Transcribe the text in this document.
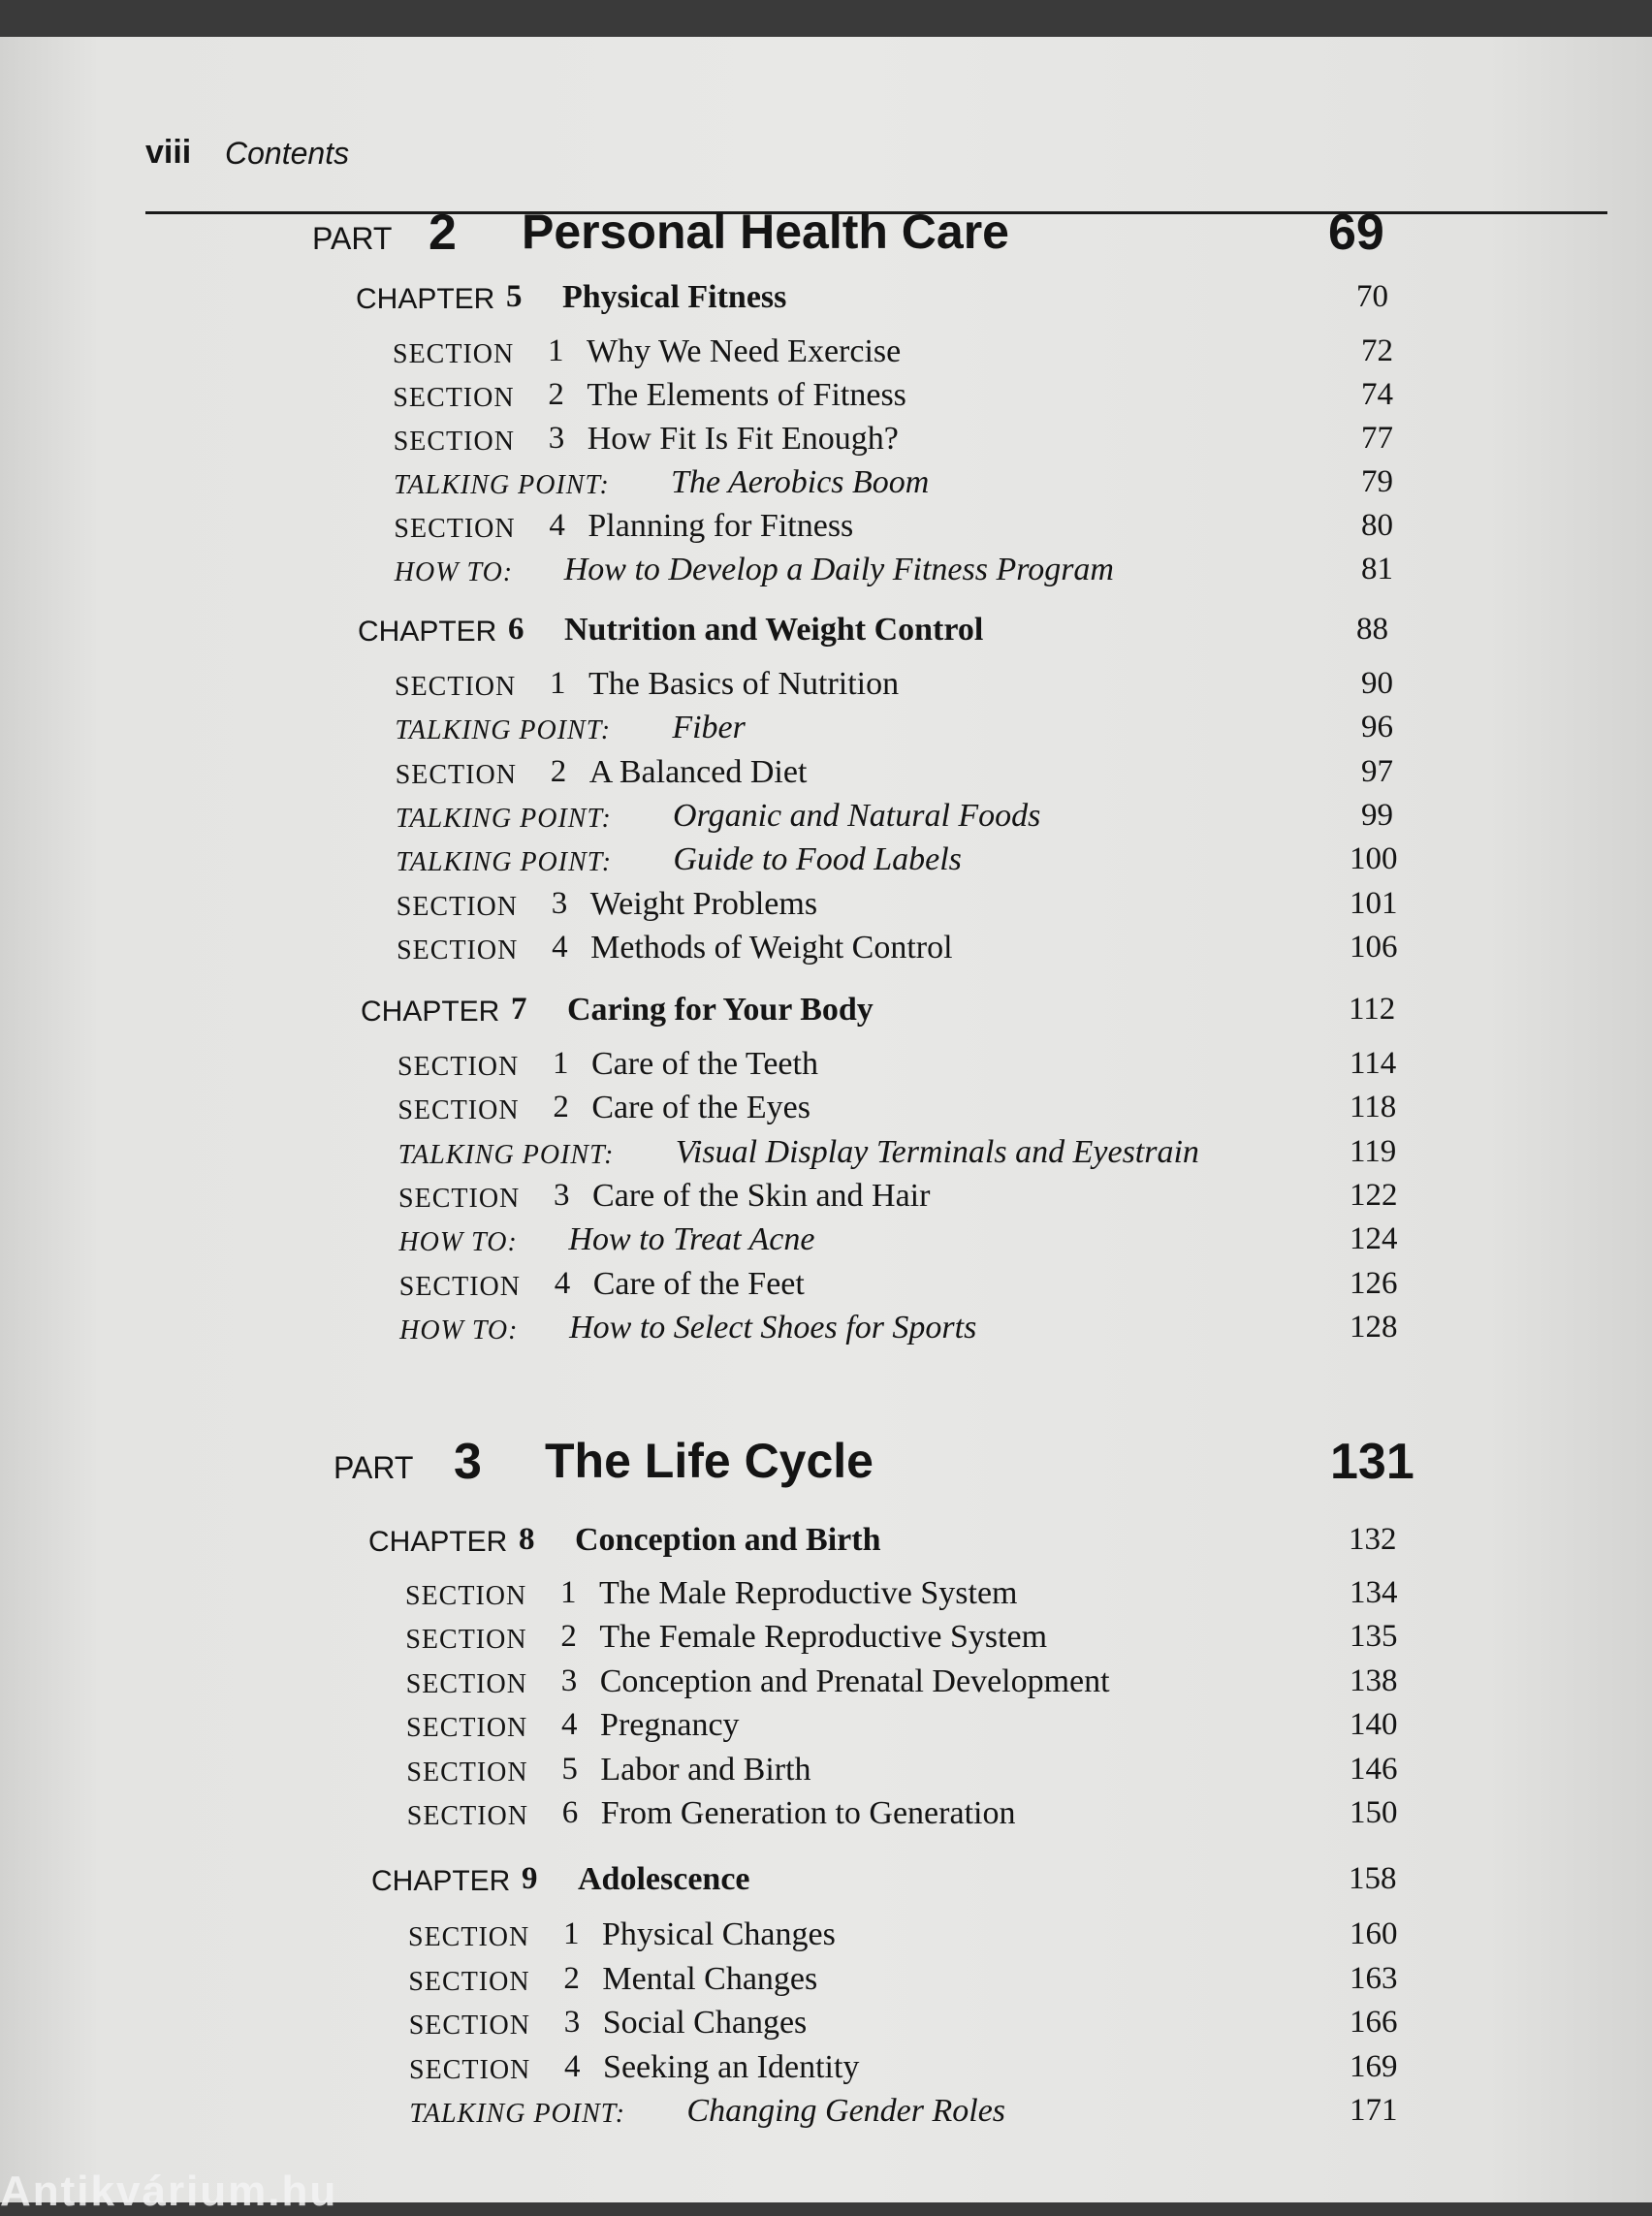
viii Contents
PART 2 Personal Health Care	69
CHAPTER 5 Physical Fitness	70
SECTION 1 Why We Need Exercise	72
SECTION 2 The Elements of Fitness	74
SECTION 3 How Fit Is Fit Enough?	77
TALKING POINT: The Aerobics Boom	79
SECTION 4 Planning for Fitness	80
HOW TO: How to Develop a Daily Fitness Program	81
CHAPTER 6 Nutrition and Weight Control	88
SECTION 1 The Basics of Nutrition	90
TALKING POINT: Fiber	96
SECTION 2 A Balanced Diet	97
TALKING POINT: Organic and Natural Foods	99
TALKING POINT: Guide to Food Labels	100
SECTION 3 Weight Problems	101
SECTION 4 Methods of Weight Control	106
CHAPTER 7 Caring for Your Body	112
SECTION 1 Care of the Teeth	114
SECTION 2 Care of the Eyes	118
TALKING POINT: Visual Display Terminals and Eyestrain	119
SECTION 3 Care of the Skin and Hair	122
HOW TO: How to Treat Acne	124
SECTION 4 Care of the Feet	126
HOW TO: How to Select Shoes for Sports	128
PART 3 The Life Cycle	131
CHAPTER 8 Conception and Birth	132
SECTION 1 The Male Reproductive System	134
SECTION 2 The Female Reproductive System	135
SECTION 3 Conception and Prenatal Development	138
SECTION 4 Pregnancy	140
SECTION 5 Labor and Birth	146
SECTION 6 From Generation to Generation	150
CHAPTER 9 Adolescence	158
SECTION 1 Physical Changes	160
SECTION 2 Mental Changes	163
SECTION 3 Social Changes	166
SECTION 4 Seeking an Identity	169
TALKING POINT: Changing Gender Roles	171
Antikvárium.hu
